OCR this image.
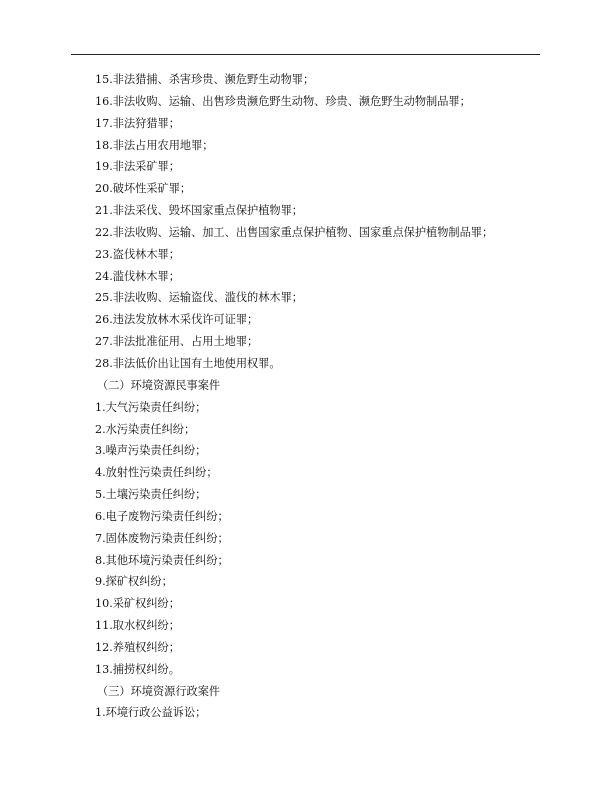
15.非法猎捕、杀害珍贵、濒危野生动物罪；
16.非法收购、运输、出售珍贵濒危野生动物、珍贵、濒危野生动物制品罪；
17.非法狩猎罪；
18.非法占用农用地罪；
19.非法采矿罪；
20.破坏性采矿罪；
21.非法采伐、毁坏国家重点保护植物罪；
22.非法收购、运输、加工、出售国家重点保护植物、国家重点保护植物制品罪；
23.盗伐林木罪；
24.滥伐林木罪；
25.非法收购、运输盗伐、滥伐的林木罪；
26.违法发放林木采伐许可证罪；
27.非法批准征用、占用土地罪；
28.非法低价出让国有土地使用权罪。
（二）环境资源民事案件
1.大气污染责任纠纷；
2.水污染责任纠纷；
3.噪声污染责任纠纷；
4.放射性污染责任纠纷；
5.土壤污染责任纠纷；
6.电子废物污染责任纠纷；
7.固体废物污染责任纠纷；
8.其他环境污染责任纠纷；
9.探矿权纠纷；
10.采矿权纠纷；
11.取水权纠纷；
12.养殖权纠纷；
13.捕捞权纠纷。
（三）环境资源行政案件
1.环境行政公益诉讼；
